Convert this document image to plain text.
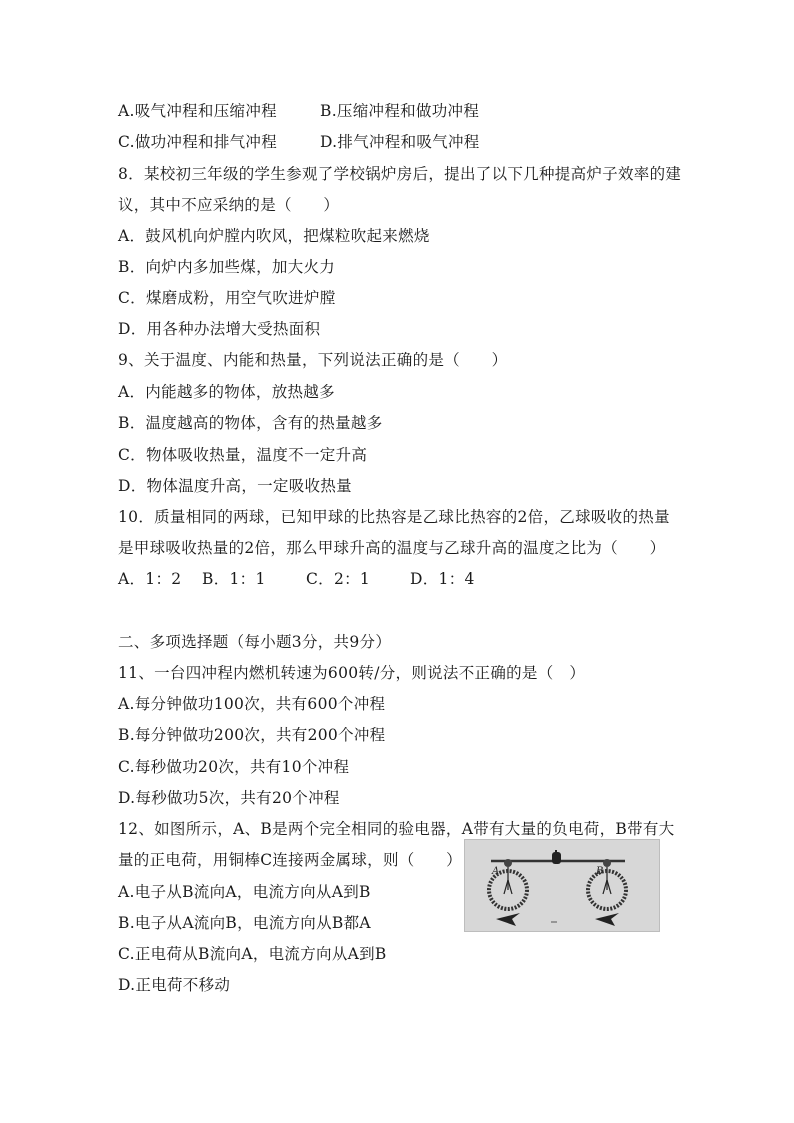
A.吸气冲程和压缩冲程	B.压缩冲程和做功冲程
C.做功冲程和排气冲程	D.排气冲程和吸气冲程
8．某校初三年级的学生参观了学校锅炉房后，提出了以下几种提高炉子效率的建
议，其中不应采纳的是（　　）
A．鼓风机向炉膛内吹风，把煤粒吹起来燃烧
B．向炉内多加些煤，加大火力
C．煤磨成粉，用空气吹进炉膛
D．用各种办法增大受热面积
9、关于温度、内能和热量，下列说法正确的是（　　）
A．内能越多的物体，放热越多
B．温度越高的物体，含有的热量越多
C．物体吸收热量，温度不一定升高
D．物体温度升高，一定吸收热量
10．质量相同的两球，已知甲球的比热容是乙球比热容的2倍，乙球吸收的热量
是甲球吸收热量的2倍，那么甲球升高的温度与乙球升高的温度之比为（　　）
A．1：2 B．1：1	C．2：1	D．1：4
二、多项选择题（每小题3分，共9分）
11、一台四冲程内燃机转速为600转/分，则说法不正确的是（　）
A.每分钟做功100次，共有600个冲程
B.每分钟做功200次，共有200个冲程
C.每秒做功20次，共有10个冲程
D.每秒做功5次，共有20个冲程
12、如图所示，A、B是两个完全相同的验电器，A带有大量的负电荷，B带有大
量的正电荷，用铜棒C连接两金属球，则（　　）
A.电子从B流向A，电流方向从A到B
B.电子从A流向B，电流方向从B都A
C.正电荷从B流向A，电流方向从A到B
D.正电荷不移动
A	B
